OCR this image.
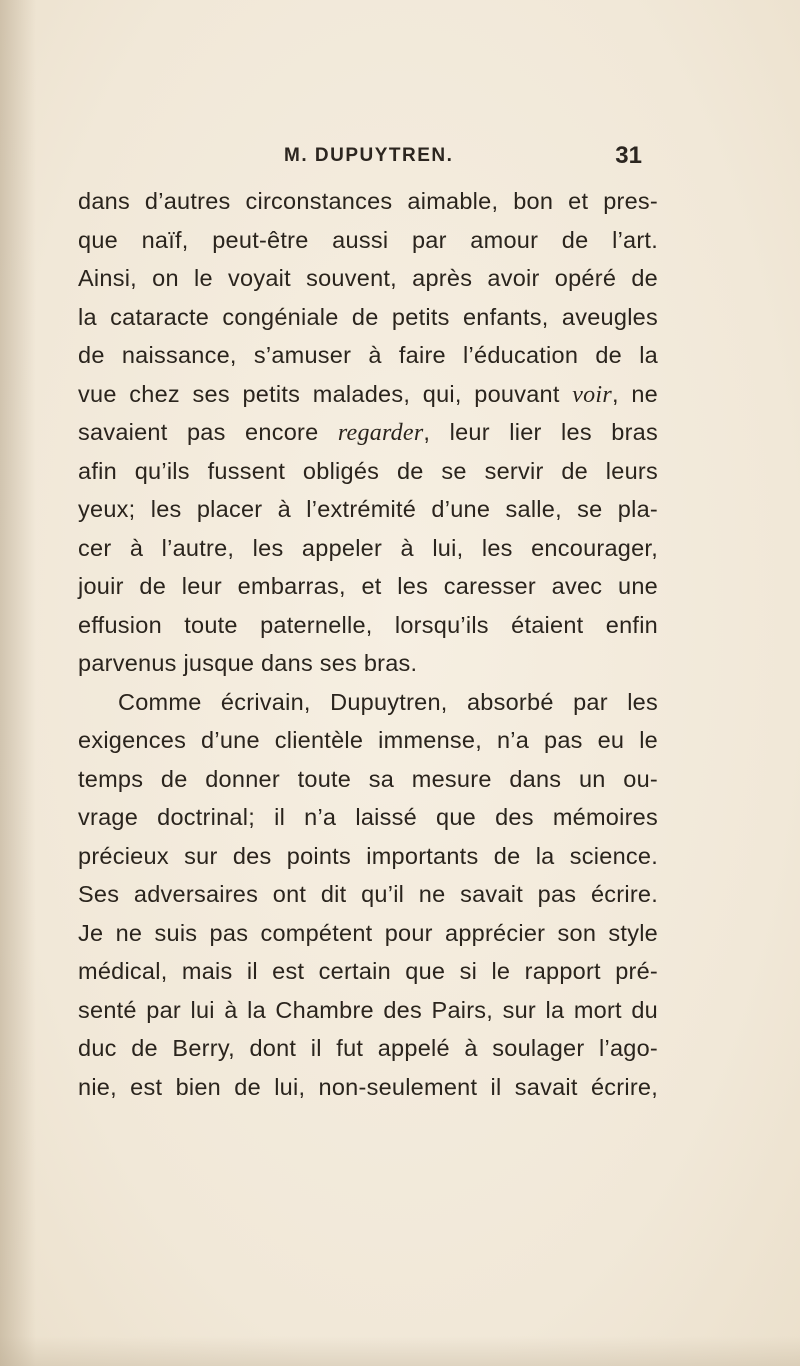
M. DUPUYTREN.	31
dans d’autres circonstances aimable, bon et pres-
que naïf, peut-être aussi par amour de l’art.
Ainsi, on le voyait souvent, après avoir opéré de
la cataracte congéniale de petits enfants, aveugles
de naissance, s’amuser à faire l’éducation de la
vue chez ses petits malades, qui, pouvant voir, ne
savaient pas encore regarder, leur lier les bras
afin qu’ils fussent obligés de se servir de leurs
yeux; les placer à l’extrémité d’une salle, se pla-
cer à l’autre, les appeler à lui, les encourager,
jouir de leur embarras, et les caresser avec une
effusion toute paternelle, lorsqu’ils étaient enfin
parvenus jusque dans ses bras.
Comme écrivain, Dupuytren, absorbé par les
exigences d’une clientèle immense, n’a pas eu le
temps de donner toute sa mesure dans un ou-
vrage doctrinal; il n’a laissé que des mémoires
précieux sur des points importants de la science.
Ses adversaires ont dit qu’il ne savait pas écrire.
Je ne suis pas compétent pour apprécier son style
médical, mais il est certain que si le rapport pré-
senté par lui à la Chambre des Pairs, sur la mort du
duc de Berry, dont il fut appelé à soulager l’ago-
nie, est bien de lui, non-seulement il savait écrire,
